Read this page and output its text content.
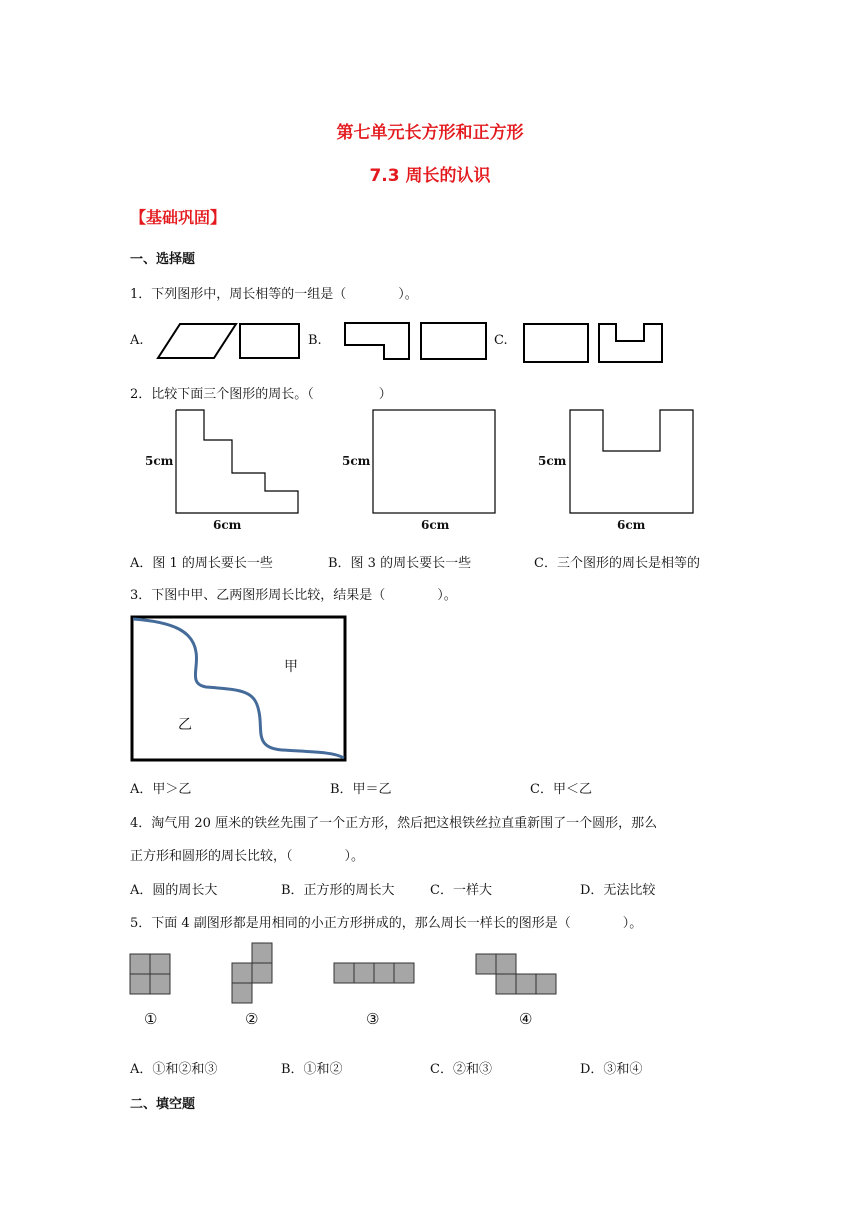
第七单元长方形和正方形
7.3 周长的认识
【基础巩固】
一、选择题
1．下列图形中，周长相等的一组是（　　　　）。
A.	B.	C.
2．比较下面三个图形的周长。（　　　　　）
5cm
6cm
5cm
6cm
5cm
6cm
A．图 1 的周长要长一些	B．图 3 的周长要长一些	C．三个图形的周长是相等的
3．下图中甲、乙两图形周长比较，结果是（　　　　）。
甲
乙
A．甲＞乙	B．甲＝乙	C．甲＜乙
4．淘气用 20 厘米的铁丝先围了一个正方形，然后把这根铁丝拉直重新围了一个圆形，那么
正方形和圆形的周长比较，（　　　　）。
A．圆的周长大	B．正方形的周长大	C．一样大	D．无法比较
5．下面 4 副图形都是用相同的小正方形拼成的，那么周长一样长的图形是（　　　　）。
①	②	③	④
A．①和②和③	B．①和②	C．②和③	D．③和④
二、填空题
